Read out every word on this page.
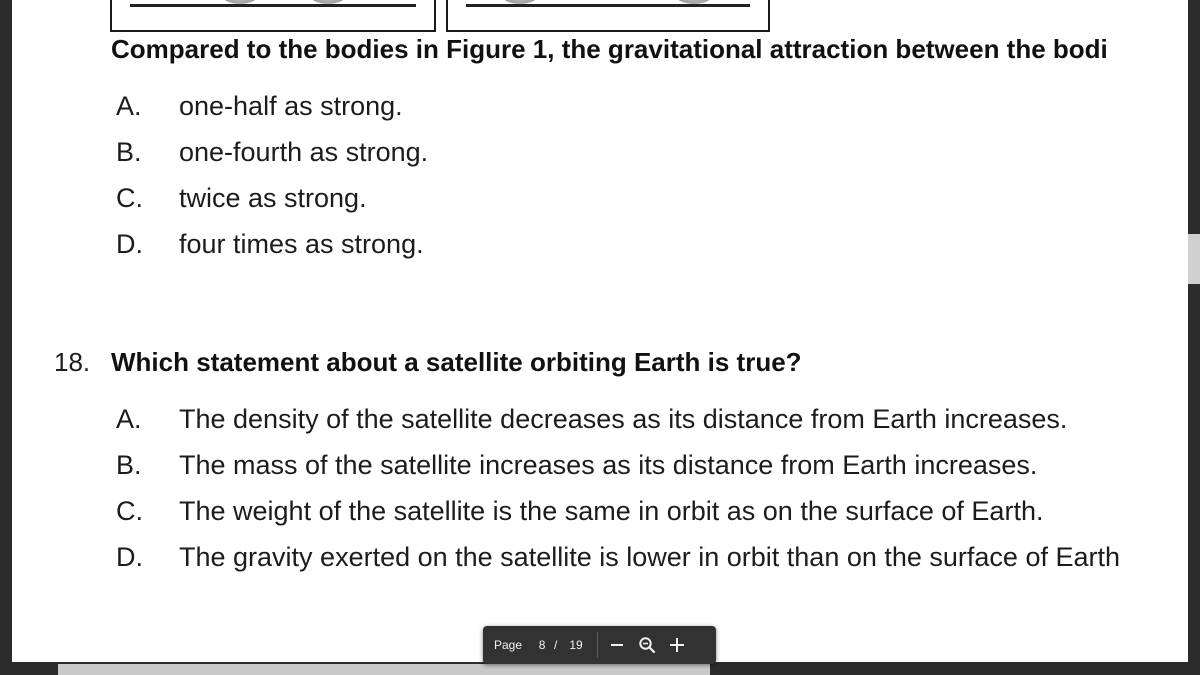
Compared to the bodies in Figure 1, the gravitational attraction between the bodi
A.	one-half as strong.
B.	one-fourth as strong.
C.	twice as strong.
D.	four times as strong.
18. Which statement about a satellite orbiting Earth is true?
A.	The density of the satellite decreases as its distance from Earth increases.
B.	The mass of the satellite increases as its distance from Earth increases.
C.	The weight of the satellite is the same in orbit as on the surface of Earth.
D.	The gravity exerted on the satellite is lower in orbit than on the surface of Earth
Page
8	/ 19
